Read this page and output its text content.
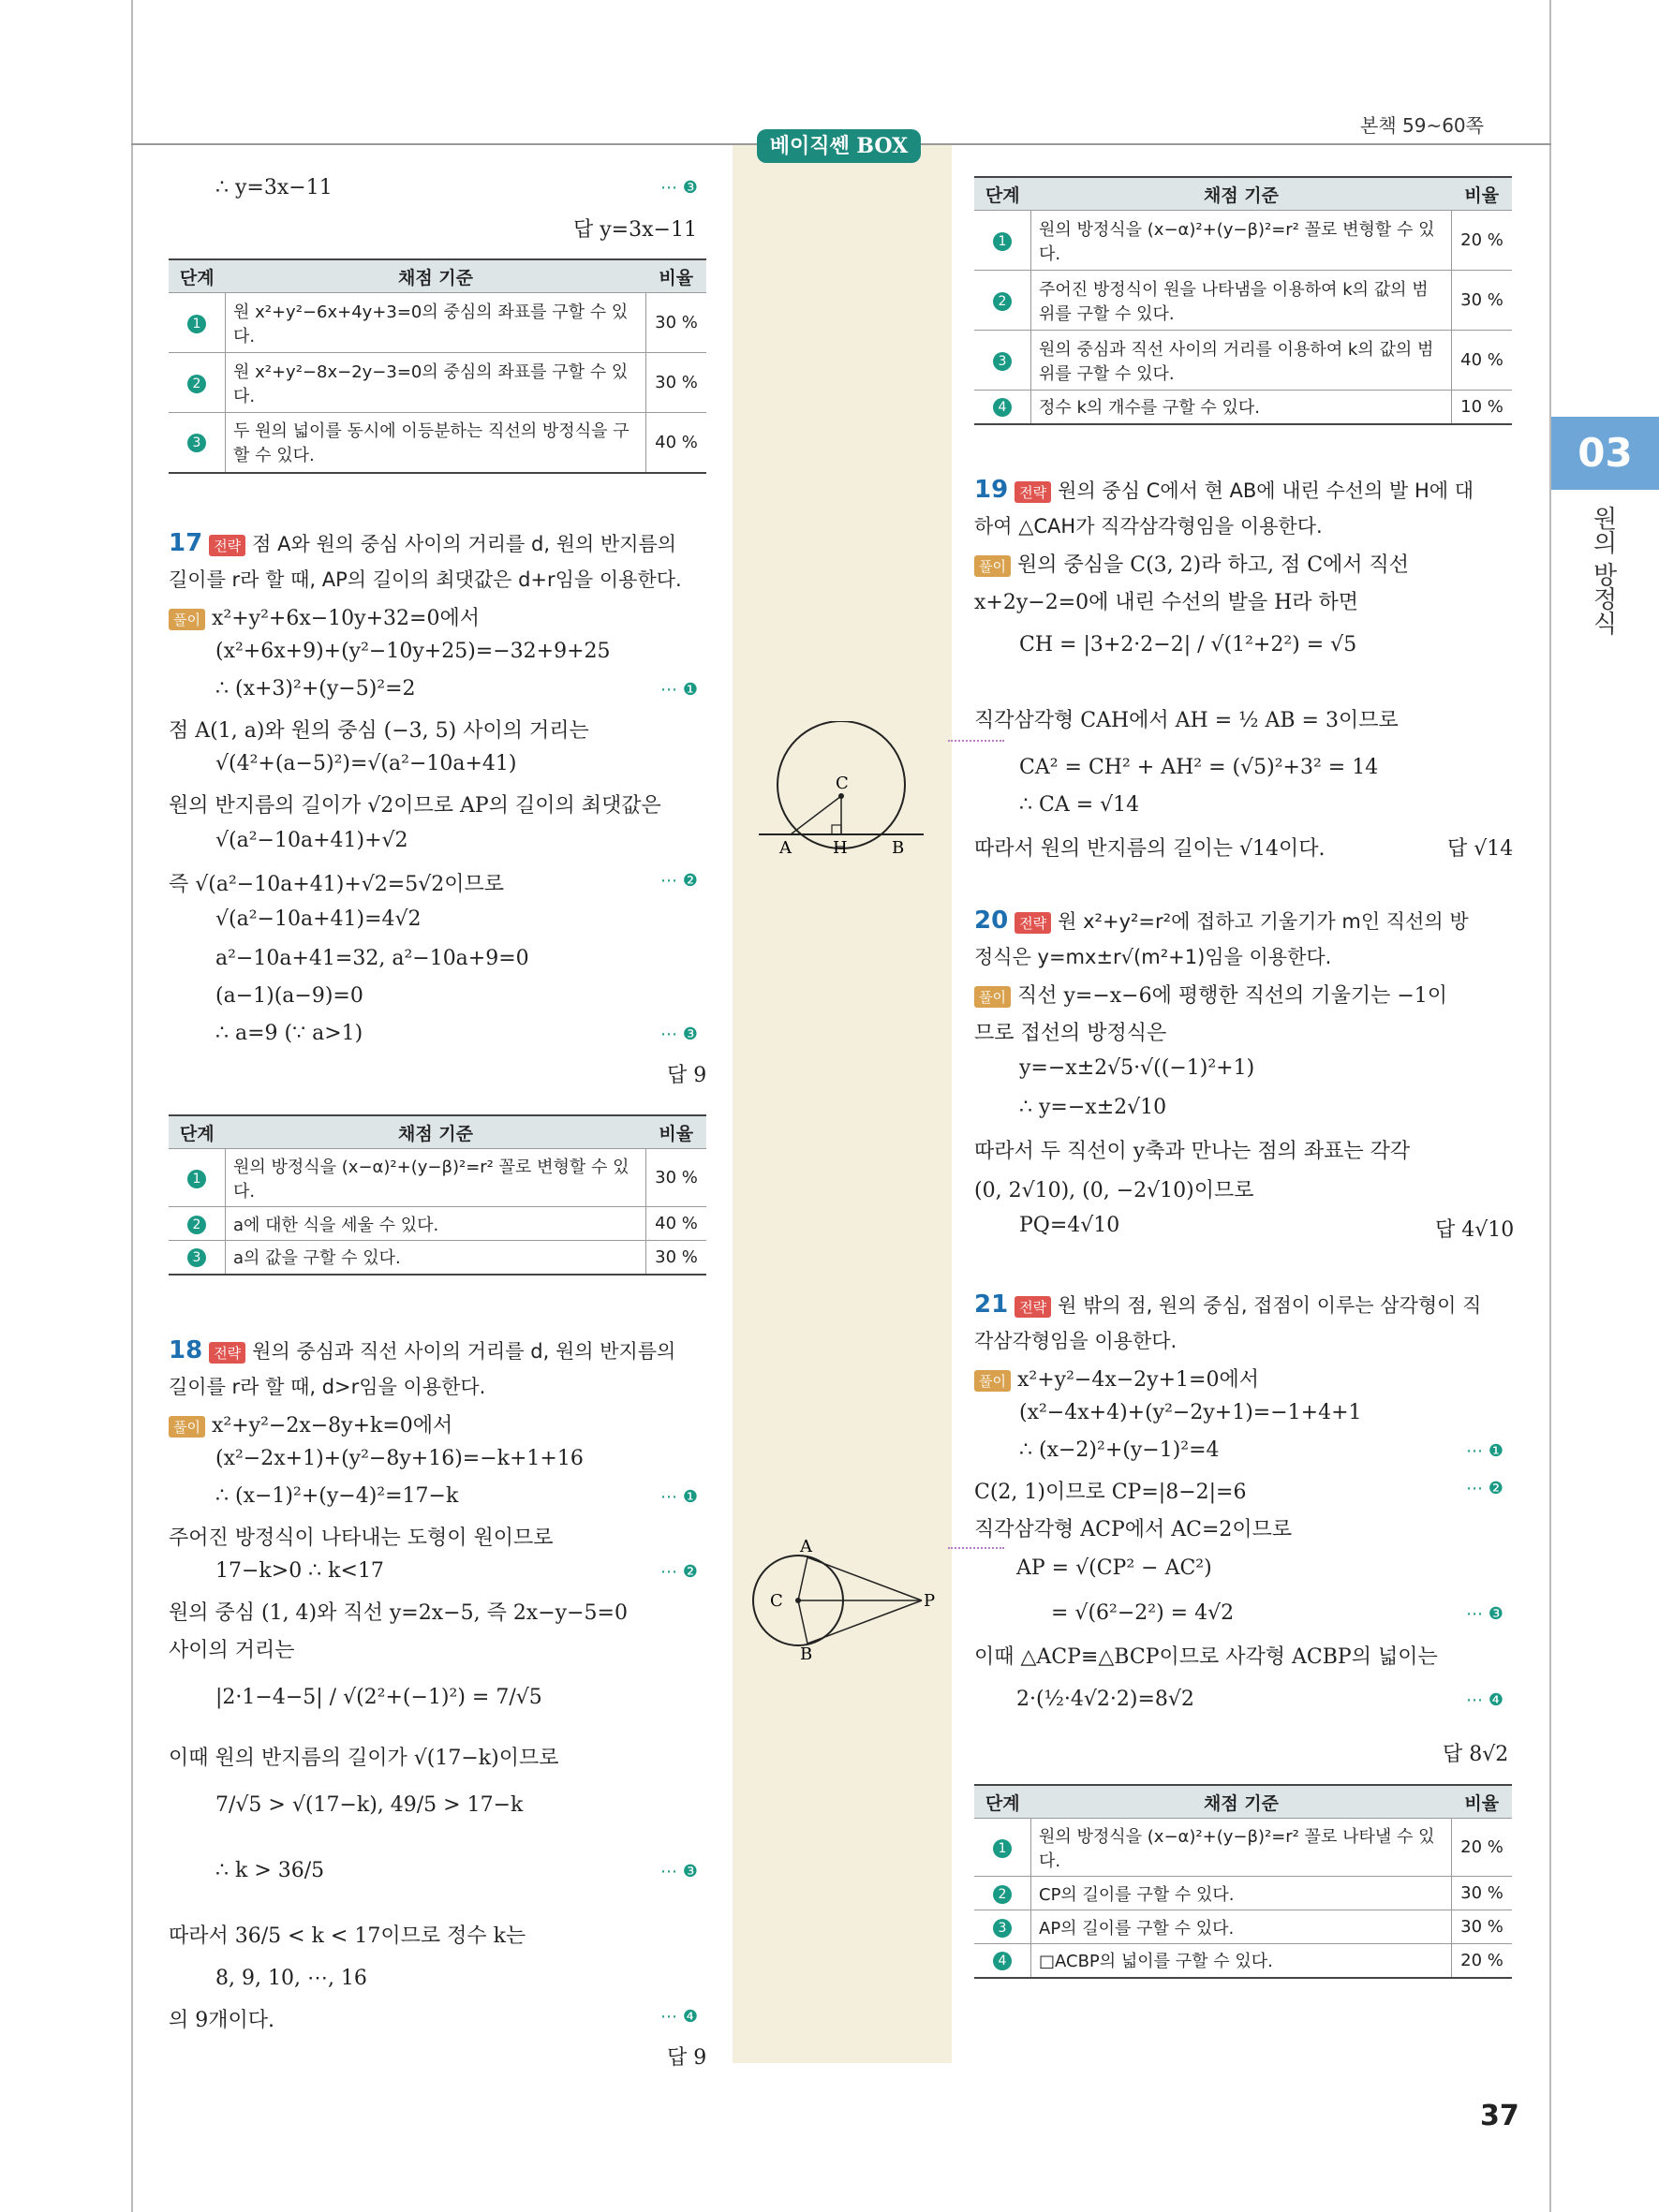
베이직쎈 BOX
본책 59~60쪽
03
원의 방정식
37
∴ y=3x−11	⋯ ❸
답 y=3x−11
단계	채점 기준	비율
1	원 x²+y²−6x+4y+3=0의 중심의 좌표를 구할 수 있다.	30 %
2	원 x²+y²−8x−2y−3=0의 중심의 좌표를 구할 수 있다.	30 %
3	두 원의 넓이를 동시에 이등분하는 직선의 방정식을 구할 수 있다.	40 %
17 전략 점 A와 원의 중심 사이의 거리를 d, 원의 반지름의
길이를 r라 할 때, AP의 길이의 최댓값은 d+r임을 이용한다.
풀이 x²+y²+6x−10y+32=0에서
(x²+6x+9)+(y²−10y+25)=−32+9+25
∴ (x+3)²+(y−5)²=2	⋯ ❶
점 A(1, a)와 원의 중심 (−3, 5) 사이의 거리는
√(4²+(a−5)²)=√(a²−10a+41)
원의 반지름의 길이가 √2이므로 AP의 길이의 최댓값은
√(a²−10a+41)+√2
즉 √(a²−10a+41)+√2=5√2이므로	⋯ ❷
√(a²−10a+41)=4√2
a²−10a+41=32, a²−10a+9=0
(a−1)(a−9)=0
∴ a=9 (∵ a>1)	⋯ ❸
답 9
단계	채점 기준	비율
1	원의 방정식을 (x−α)²+(y−β)²=r² 꼴로 변형할 수 있다.	30 %
2	a에 대한 식을 세울 수 있다.	40 %
3	a의 값을 구할 수 있다.	30 %
18 전략 원의 중심과 직선 사이의 거리를 d, 원의 반지름의
길이를 r라 할 때, d>r임을 이용한다.
풀이 x²+y²−2x−8y+k=0에서
(x²−2x+1)+(y²−8y+16)=−k+1+16
∴ (x−1)²+(y−4)²=17−k	⋯ ❶
주어진 방정식이 나타내는 도형이 원이므로
17−k>0 ∴ k<17	⋯ ❷
원의 중심 (1, 4)와 직선 y=2x−5, 즉 2x−y−5=0
사이의 거리는
|2·1−4−5| / √(2²+(−1)²) = 7/√5
이때 원의 반지름의 길이가 √(17−k)이므로
7/√5 > √(17−k), 49/5 > 17−k
∴ k > 36/5	⋯ ❸
따라서 36/5 < k < 17이므로 정수 k는
8, 9, 10, ⋯, 16
의 9개이다.	⋯ ❹
답 9
C
A H	B
A
B
C	P
단계	채점 기준	비율
1	원의 방정식을 (x−α)²+(y−β)²=r² 꼴로 변형할 수 있다.	20 %
2	주어진 방정식이 원을 나타냄을 이용하여 k의 값의 범위를 구할 수 있다.	30 %
3	원의 중심과 직선 사이의 거리를 이용하여 k의 값의 범위를 구할 수 있다.	40 %
4	정수 k의 개수를 구할 수 있다.	10 %
19 전략 원의 중심 C에서 현 AB에 내린 수선의 발 H에 대
하여 △CAH가 직각삼각형임을 이용한다.
풀이 원의 중심을 C(3, 2)라 하고, 점 C에서 직선
x+2y−2=0에 내린 수선의 발을 H라 하면
CH = |3+2·2−2| / √(1²+2²) = √5
직각삼각형 CAH에서 AH = ½ AB = 3이므로
CA² = CH² + AH² = (√5)²+3² = 14
∴ CA = √14
따라서 원의 반지름의 길이는 √14이다.	답 √14
20 전략 원 x²+y²=r²에 접하고 기울기가 m인 직선의 방
정식은 y=mx±r√(m²+1)임을 이용한다.
풀이 직선 y=−x−6에 평행한 직선의 기울기는 −1이
므로 접선의 방정식은
y=−x±2√5·√((−1)²+1)
∴ y=−x±2√10
따라서 두 직선이 y축과 만나는 점의 좌표는 각각
(0, 2√10), (0, −2√10)이므로
PQ=4√10	답 4√10
21 전략 원 밖의 점, 원의 중심, 접점이 이루는 삼각형이 직
각삼각형임을 이용한다.
풀이 x²+y²−4x−2y+1=0에서
(x²−4x+4)+(y²−2y+1)=−1+4+1
∴ (x−2)²+(y−1)²=4	⋯ ❶
C(2, 1)이므로 CP=|8−2|=6	⋯ ❷
직각삼각형 ACP에서 AC=2이므로
AP = √(CP² − AC²)
= √(6²−2²) = 4√2	⋯ ❸
이때 △ACP≡△BCP이므로 사각형 ACBP의 넓이는
2·(½·4√2·2)=8√2	⋯ ❹
답 8√2
단계	채점 기준	비율
1	원의 방정식을 (x−α)²+(y−β)²=r² 꼴로 나타낼 수 있다.	20 %
2	CP의 길이를 구할 수 있다.	30 %
3	AP의 길이를 구할 수 있다.	30 %
4	□ACBP의 넓이를 구할 수 있다.	20 %
